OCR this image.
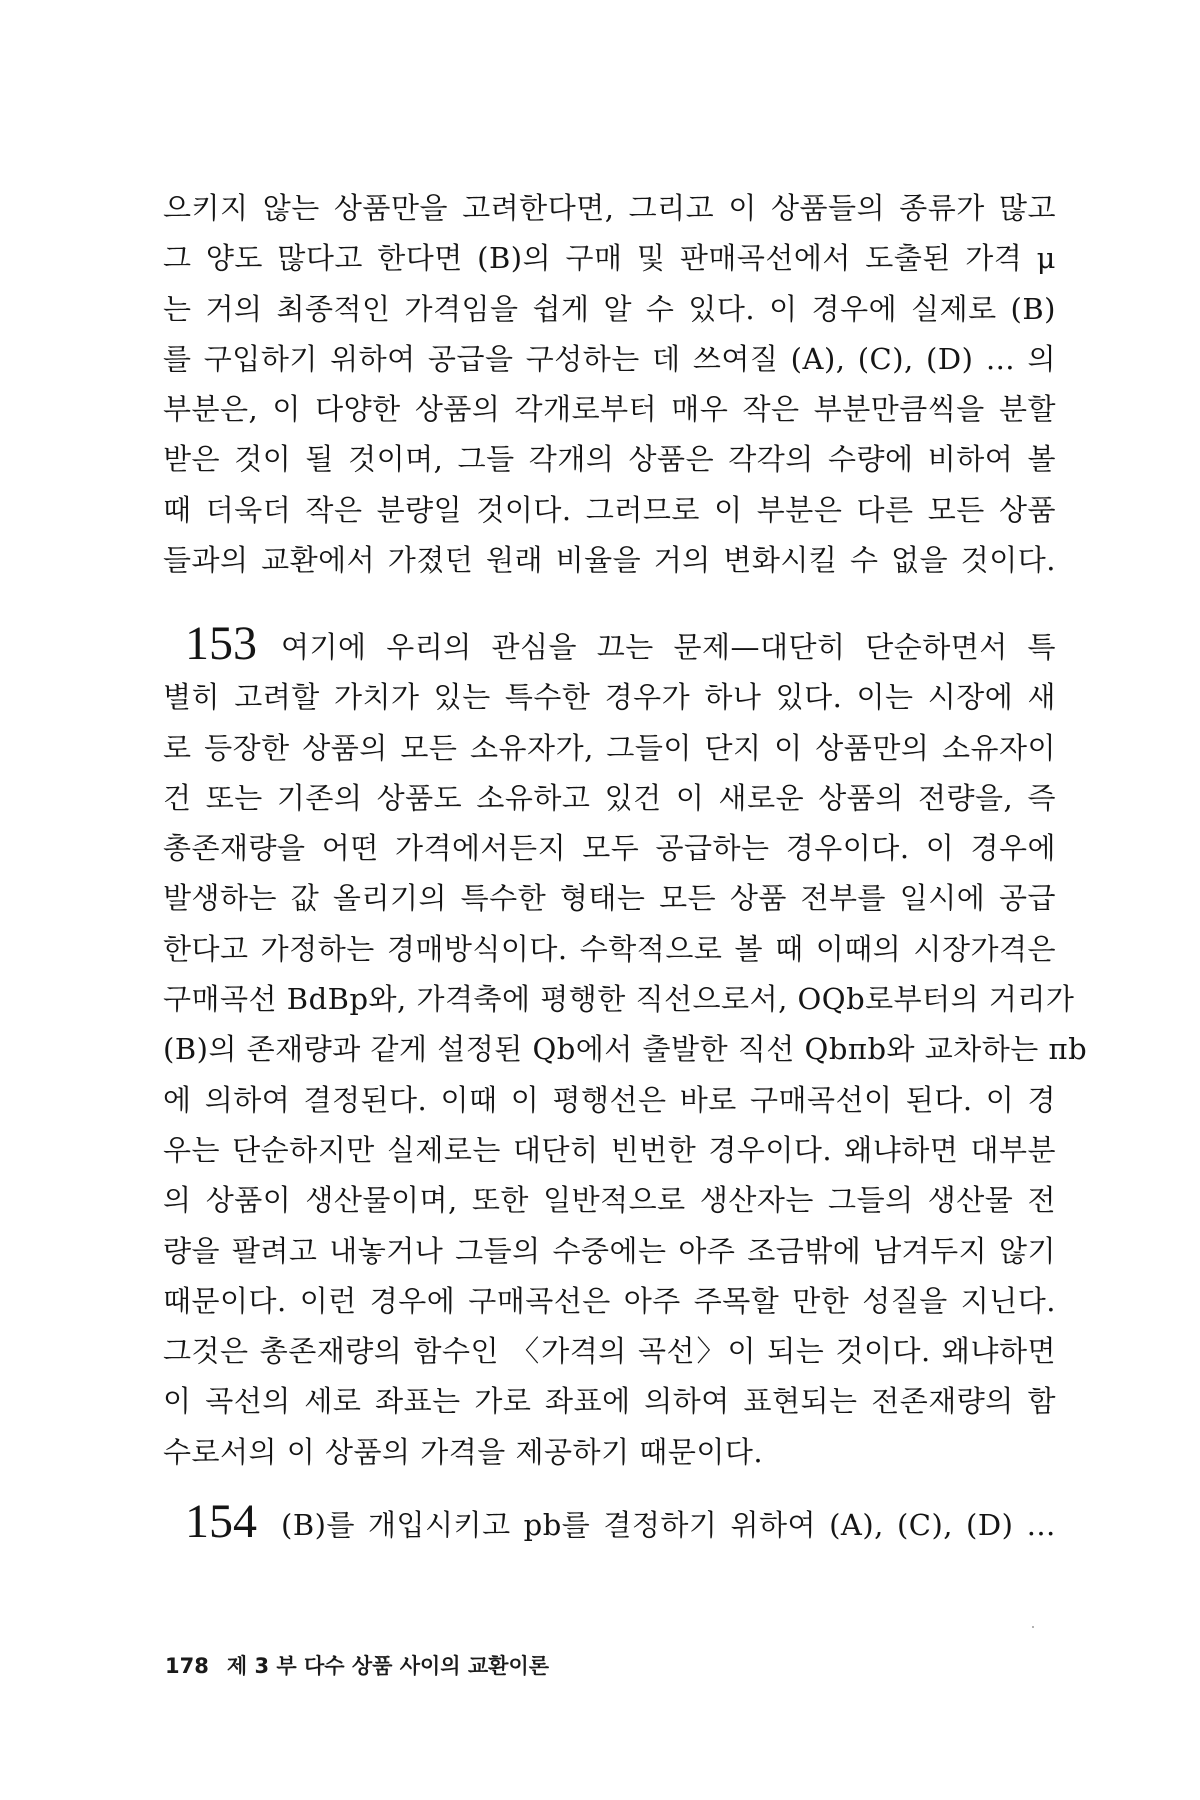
으키지 않는 상품만을 고려한다면, 그리고 이 상품들의 종류가 많고
그 양도 많다고 한다면 (B)의 구매 및 판매곡선에서 도출된 가격 μ
는 거의 최종적인 가격임을 쉽게 알 수 있다. 이 경우에 실제로 (B)
를 구입하기 위하여 공급을 구성하는 데 쓰여질 (A), (C), (D) … 의
부분은, 이 다양한 상품의 각개로부터 매우 작은 부분만큼씩을 분할
받은 것이 될 것이며, 그들 각개의 상품은 각각의 수량에 비하여 볼
때 더욱더 작은 분량일 것이다. 그러므로 이 부분은 다른 모든 상품
들과의 교환에서 가졌던 원래 비율을 거의 변화시킬 수 없을 것이다.
153 여기에 우리의 관심을 끄는 문제—대단히 단순하면서 특
별히 고려할 가치가 있는 특수한 경우가 하나 있다. 이는 시장에 새
로 등장한 상품의 모든 소유자가, 그들이 단지 이 상품만의 소유자이
건 또는 기존의 상품도 소유하고 있건 이 새로운 상품의 전량을, 즉
총존재량을 어떤 가격에서든지 모두 공급하는 경우이다. 이 경우에
발생하는 값 올리기의 특수한 형태는 모든 상품 전부를 일시에 공급
한다고 가정하는 경매방식이다. 수학적으로 볼 때 이때의 시장가격은
구매곡선 BdBp와, 가격축에 평행한 직선으로서, OQb로부터의 거리가
(B)의 존재량과 같게 설정된 Qb에서 출발한 직선 Qbπb와 교차하는 πb
에 의하여 결정된다. 이때 이 평행선은 바로 구매곡선이 된다. 이 경
우는 단순하지만 실제로는 대단히 빈번한 경우이다. 왜냐하면 대부분
의 상품이 생산물이며, 또한 일반적으로 생산자는 그들의 생산물 전
량을 팔려고 내놓거나 그들의 수중에는 아주 조금밖에 남겨두지 않기
때문이다. 이런 경우에 구매곡선은 아주 주목할 만한 성질을 지닌다.
그것은 총존재량의 함수인 〈가격의 곡선〉이 되는 것이다. 왜냐하면
이 곡선의 세로 좌표는 가로 좌표에 의하여 표현되는 전존재량의 함
수로서의 이 상품의 가격을 제공하기 때문이다.
154 (B)를 개입시키고 pb를 결정하기 위하여 (A), (C), (D) …
178 제 3 부 다수 상품 사이의 교환이론
